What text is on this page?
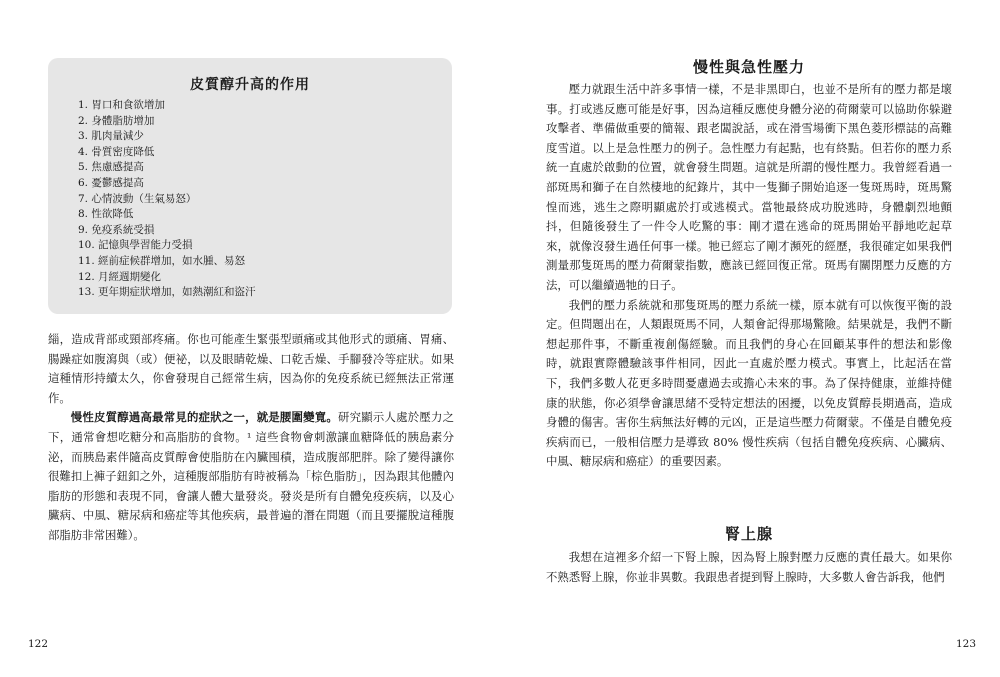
皮質醇升高的作用
1. 胃口和食欲增加
2. 身體脂肪增加
3. 肌肉量減少
4. 骨質密度降低
5. 焦慮感提高
6. 憂鬱感提高
7. 心情波動（生氣易怒）
8. 性欲降低
9. 免疫系統受損
10. 記憶與學習能力受損
11. 經前症候群增加，如水腫、易怒
12. 月經週期變化
13. 更年期症狀增加，如熱潮紅和盜汗

緇，造成背部或頸部疼痛。你也可能產生緊張型頭痛或其他形式的頭痛、胃痛、腸躁症如腹瀉與（或）便祕，以及眼睛乾燥、口乾舌燥、手腳發冷等症狀。如果這種情形持續太久，你會發現自己經常生病，因為你的免疫系統已經無法正常運作。

慢性皮質醇過高最常見的症狀之一，就是腰圍變寬。研究顯示人處於壓力之下，通常會想吃糖分和高脂肪的食物。¹ 這些食物會刺激讓血糖降低的胰島素分泌，而胰島素伴隨高皮質醇會使脂肪在內臟囤積，造成腹部肥胖。除了變得讓你很難扣上褲子鈕釦之外，這種腹部脂肪有時被稱為「棕色脂肪」，因為跟其他體內脂肪的形態和表現不同，會讓人體大量發炎。發炎是所有自體免疫疾病，以及心臟病、中風、糖尿病和癌症等其他疾病，最普遍的潛在問題（而且要擺脫這種腹部脂肪非常困難）。

122
慢性與急性壓力

壓力就跟生活中許多事情一樣，不是非黑即白，也並不是所有的壓力都是壞事。打或逃反應可能是好事，因為這種反應使身體分泌的荷爾蒙可以協助你躲避攻擊者、準備做重要的簡報、跟老闆說話，或在滑雪場衝下黑色菱形標誌的高難度雪道。以上是急性壓力的例子。急性壓力有起點，也有終點。但若你的壓力系統一直處於啟動的位置，就會發生問題。這就是所謂的慢性壓力。我曾經看過一部斑馬和獅子在自然棲地的紀錄片，其中一隻獅子開始追逐一隻斑馬時，斑馬驚惶而逃，逃生之際明顯處於打或逃模式。當牠最終成功脫逃時，身體劇烈地顫抖，但隨後發生了一件令人吃驚的事：剛才還在逃命的斑馬開始平靜地吃起草來，就像沒發生過任何事一樣。牠已經忘了剛才瀕死的經歷，我很確定如果我們測量那隻斑馬的壓力荷爾蒙指數，應該已經回復正常。斑馬有關閉壓力反應的方法，可以繼續過牠的日子。

我們的壓力系統就和那隻斑馬的壓力系統一樣，原本就有可以恢復平衡的設定。但問題出在，人類跟斑馬不同，人類會記得那場驚險。結果就是，我們不斷想起那件事，不斷重複創傷經驗。而且我們的身心在回顧某事件的想法和影像時，就跟實際體驗該事件相同，因此一直處於壓力模式。事實上，比起活在當下，我們多數人花更多時間憂慮過去或擔心未來的事。為了保持健康，並維持健康的狀態，你必須學會讓思緒不受特定想法的困擾，以免皮質醇長期過高，造成身體的傷害。害你生病無法好轉的元凶，正是這些壓力荷爾蒙。不僅是自體免疫疾病而已，一般相信壓力是導致 80% 慢性疾病（包括自體免疫疾病、心臟病、中風、糖尿病和癌症）的重要因素。

腎上腺

我想在這裡多介紹一下腎上腺，因為腎上腺對壓力反應的責任最大。如果你不熟悉腎上腺，你並非異數。我跟患者提到腎上腺時，大多數人會告訴我，他們

123
